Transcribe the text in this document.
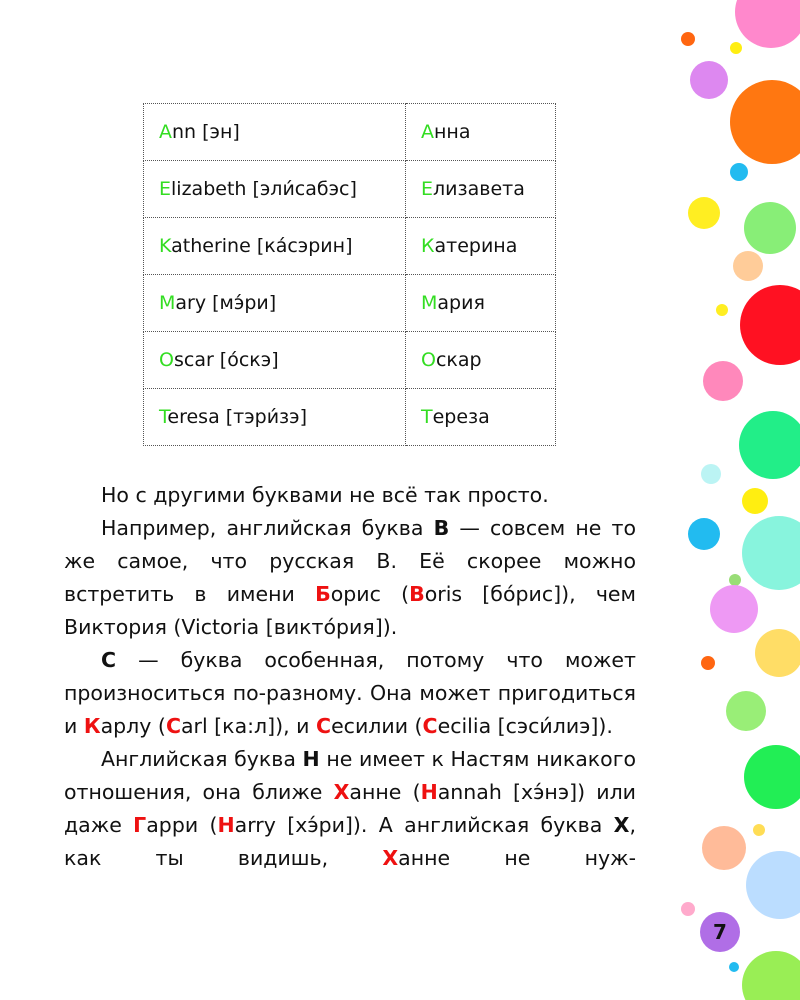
Ann [эн]	Анна
Elizabeth [эли́сабэс]	Елизавета
Katherine [ка́сэрин]	Катерина
Mary [мэ́ри]	Мария
Oscar [о́скэ]	Оскар
Teresa [тэри́зэ]	Тереза

Но с другими буквами не всё так просто.

Например, английская буква B — совсем не то же самое, что русская В. Её скорее можно встретить в имени Борис (Boris [бо́рис]), чем Виктория (Victoria [викто́рия]).

C — буква особенная, потому что может произноситься по-разному. Она может пригодиться и Карлу (Carl [ка:л]), и Сесилии (Cecilia [сэси́лиэ]).

Английская буква H не имеет к Настям никакого отношения, она ближе Ханне (Hannah [хэ́нэ]) или даже Гарри (Harry [хэ́ри]). А английская буква X, как ты видишь, Ханне не нуж-

7
